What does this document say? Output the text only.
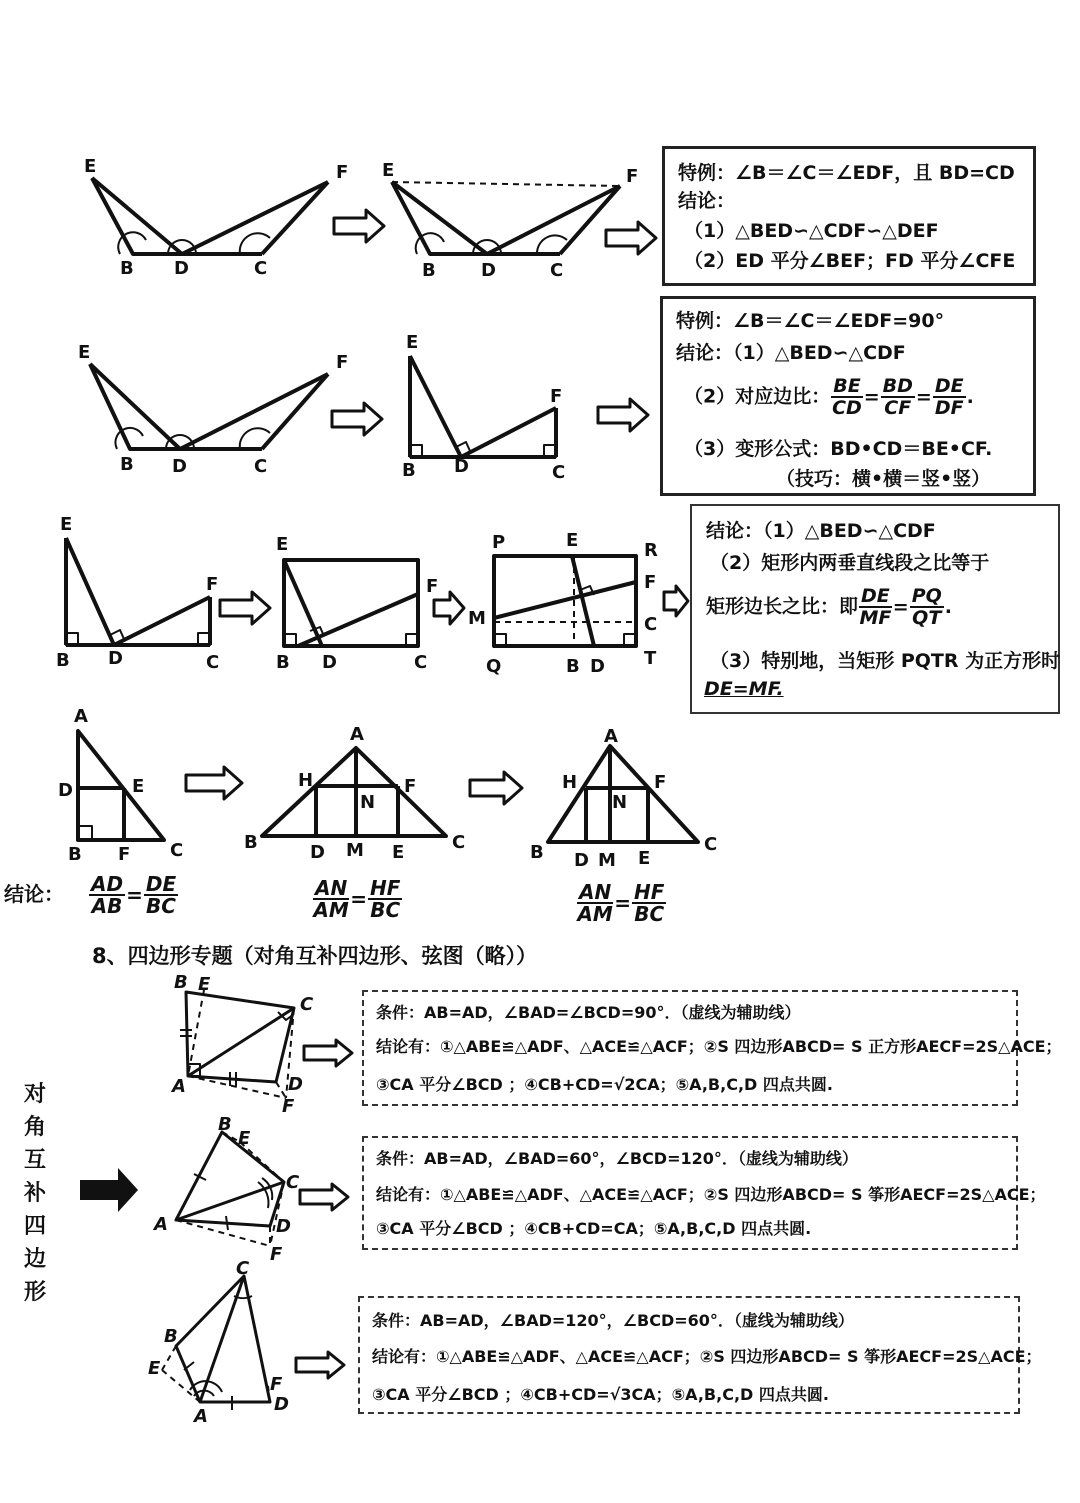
E	F
B D	C
E	F
B	D	C
E	F
B D	C
E
F
B D	C
E
F
B D	C
E
F
B D	C
P	E	R
F
M	C
Q	B D T
A
D	E
B F C
A
H	F
N
B	D M E	C
A
H	F
N
B D M E
C
B E
C
A	D
F
B
E
C
A	D
F
C
B
E
A
F
D
特例：∠B＝∠C＝∠EDF，且 BD=CD
结论：
（1）△BED∽△CDF∽△DEF
（2）ED 平分∠BEF；FD 平分∠CFE
特例：∠B＝∠C＝∠EDF=90°
结论：（1）△BED∽△CDF
（2）对应边比： $\frac{BE}{CD} = \frac{BD}{CF} = \frac{DE}{DF}$ .
（3）变形公式：BD•CD＝BE•CF.
（技巧：横•横＝竖•竖）
结论：（1）△BED∽△CDF
（2）矩形内两垂直线段之比等于
矩形边长之比：即 $\frac{DE}{MF} = \frac{PQ}{QT}$ .
（3）特别地，当矩形 PQTR 为正方形时
DE=MF.
结论： $\frac{AD}{AB} = \frac{DE}{BC}$	$\frac{AN}{AM} = \frac{HF}{BC}$	$\frac{AN}{AM} = \frac{HF}{BC}$
8、四边形专题（对角互补四边形、弦图（略））
对
角
互
补
四
边
形
条件：AB=AD，∠BAD=∠BCD=90°．（虚线为辅助线）
结论有：①△ABE≌△ADF、△ACE≌△ACF；②S 四边形ABCD= S 正方形AECF=2S△ACE；
③CA 平分∠BCD ；④CB+CD=√2CA；⑤A,B,C,D 四点共圆.
条件：AB=AD，∠BAD=60°，∠BCD=120°．（虚线为辅助线）
结论有：①△ABE≌△ADF、△ACE≌△ACF；②S 四边形ABCD= S 筝形AECF=2S△ACE；
③CA 平分∠BCD ；④CB+CD=CA；⑤A,B,C,D 四点共圆.
条件：AB=AD，∠BAD=120°，∠BCD=60°．（虚线为辅助线）
结论有：①△ABE≌△ADF、△ACE≌△ACF；②S 四边形ABCD= S 筝形AECF=2S△ACE；
③CA 平分∠BCD ；④CB+CD=√3CA；⑤A,B,C,D 四点共圆.
